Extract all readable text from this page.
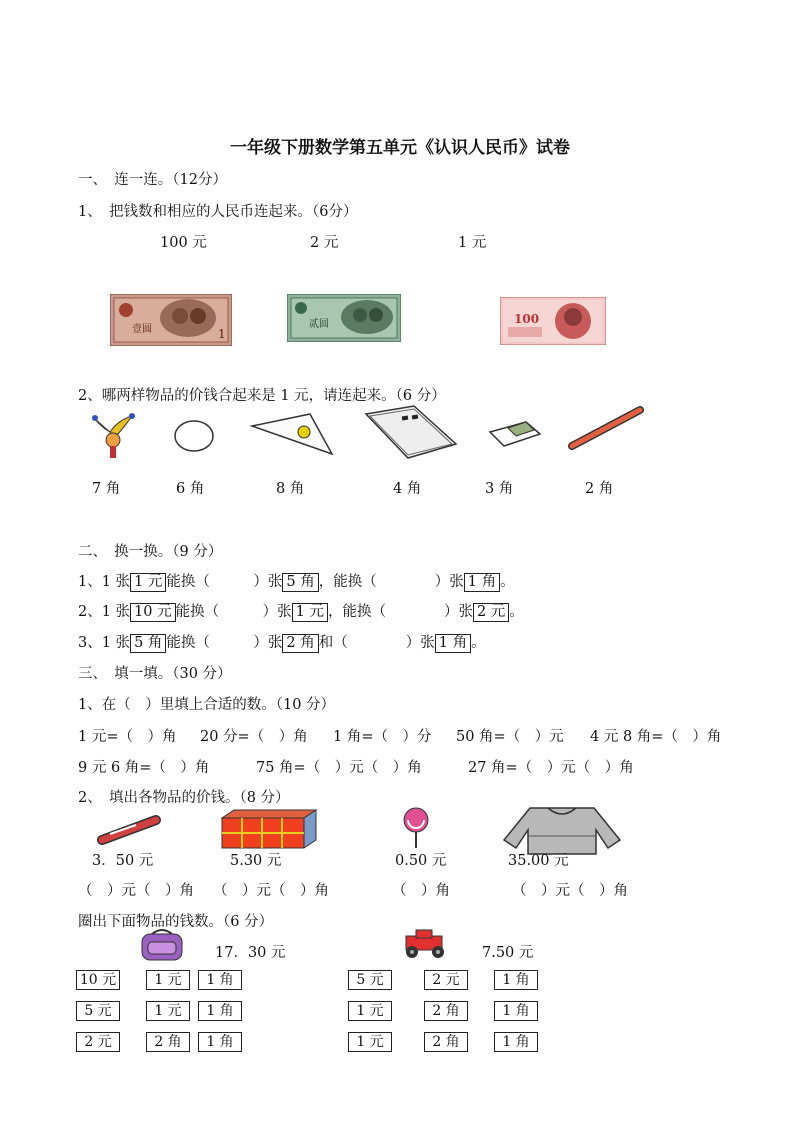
一年级下册数学第五单元《认识人民币》试卷
一、　连一连。（12分）
1、　把钱数和相应的人民币连起来。（6分）
100 元	2 元	1 元
壹圆	1
贰圆	100
2、哪两样物品的价钱合起来是 1 元，请连起来。（6 分）
7 角	6 角	8 角	4 角	3 角	2 角
二、　换一换。（9 分）
1、1 张 1 元 能换（　　　）张 5 角 ，能换（　　　　）张 1 角 。
2、1 张 10 元 能换（　　　）张 1 元 ，能换（　　　　）张 2 元 。
3、1 张 5 角 能换（　　　）张 2 角 和（　　　　）张 1 角 。
三、　填一填。（30 分）
1、在（　）里填上合适的数。（10 分）
1 元=（　）角 20 分=（　）角 1 角=（　）分 50 角=（　）元 4 元 8 角=（　）角
9 元 6 角=（　）角	75 角=（　）元（　）角	27 角=（　）元（　）角
2、　填出各物品的价钱。（8 分）
3．50 元	5.30 元	0.50 元	35.00 元
（　）元（　）角 （　）元（　）角	（　）角	（　）元（　）角
圈出下面物品的钱数。（6 分）
17．30 元	7.50 元
10 元	1 元	1 角
5 元	1 元	1 角
2 元	2 角	1 角
5 元	2 元	1 角
1 元	2 角	1 角
1 元	2 角	1 角
